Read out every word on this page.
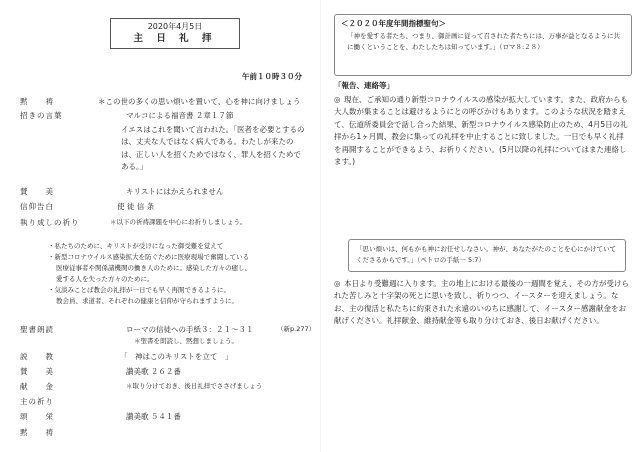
2020年4月5日
主 日 礼 拝
午前１０時３０分
黙　　祷	＊この世の多くの思い煩いを置いて、心を神に向けましょう
招きの言葉	マルコによる福音書 ２章１７節
イエスはこれを聞いて言われた。「医者を必要とするのは、丈夫な人ではなく病人である。わたしが来たのは、正しい人を招くためではなく、罪人を招くためである。」
賛　　美	キリストにはかえられません
信仰告白	使 徒 信 条
執り成しの祈り	＊以下の祈祷課題を中心にお祈りしましょう。
・私たちのために、キリストが受けになった御受難を覚えて
・新型コロナウイルス感染拡大を防ぐために医療現場で奮闘している
医療従事者や関係諸機関の働き人のために。感染した方々の癒し、
愛する人を失った方々のために。
・気淡みことば教会の礼拝が一日でも早く再開できるように。
教会員、求道者、それぞれの健康と信仰が守られますように。
聖書朗読	ローマの信徒への手紙３：２１～３１	（新p.277）
＊聖書を朗読し、黙想しましょう。
説　　教	「　神はこのキリストを立て　」
賛　　美	讃美歌 ２６２番
献　　金	＊取り分けておき、後日礼拝でささげましょう
主の祈り
頌　　栄	讃美歌 ５４１番
黙　　祷
＜２０２０年度年間指標聖句＞
「神を愛する者たち、つまり、御計画に従って召された者たちには、万事が益となるように共に働くということを、わたしたちは知っています。」（ロマ８:２８）
「報告、連絡等」
◎ 現在、ご承知の通り新型コロナウイルスの感染が拡大しています。また、政府からも大人数が集まることは避けるようにとの呼びかけもあります。このような状況を踏まえて、伝道所委員会で話し合った結果、新型コロナウイルス感染防止のため、4月5日の礼拝から1ヶ月間、教会に集っての礼拝を中止することに致しました。一日でも早く礼拝を再開することができるよう、お祈りください。(5月以降の礼拝についてはまた連絡します。)
「思い煩いは、何もかも神にお任せしなさい。神が、あなたがたのことを心にかけていてくださるからです。」（ペトロの手紙一 5:7）
◎ 本日より受難週に入ります。主の地上における最後の一週間を覚え、その方が受けられた苦しみと十字架の死とに思いを致し、祈りつつ、イースターを迎えましょう。なお、主の復活と私たちに約束された永遠のいのちに感謝して、イースター感謝献金をお献げください。礼拝献金、維持献金等も取り分けておき、後日お献げください。
